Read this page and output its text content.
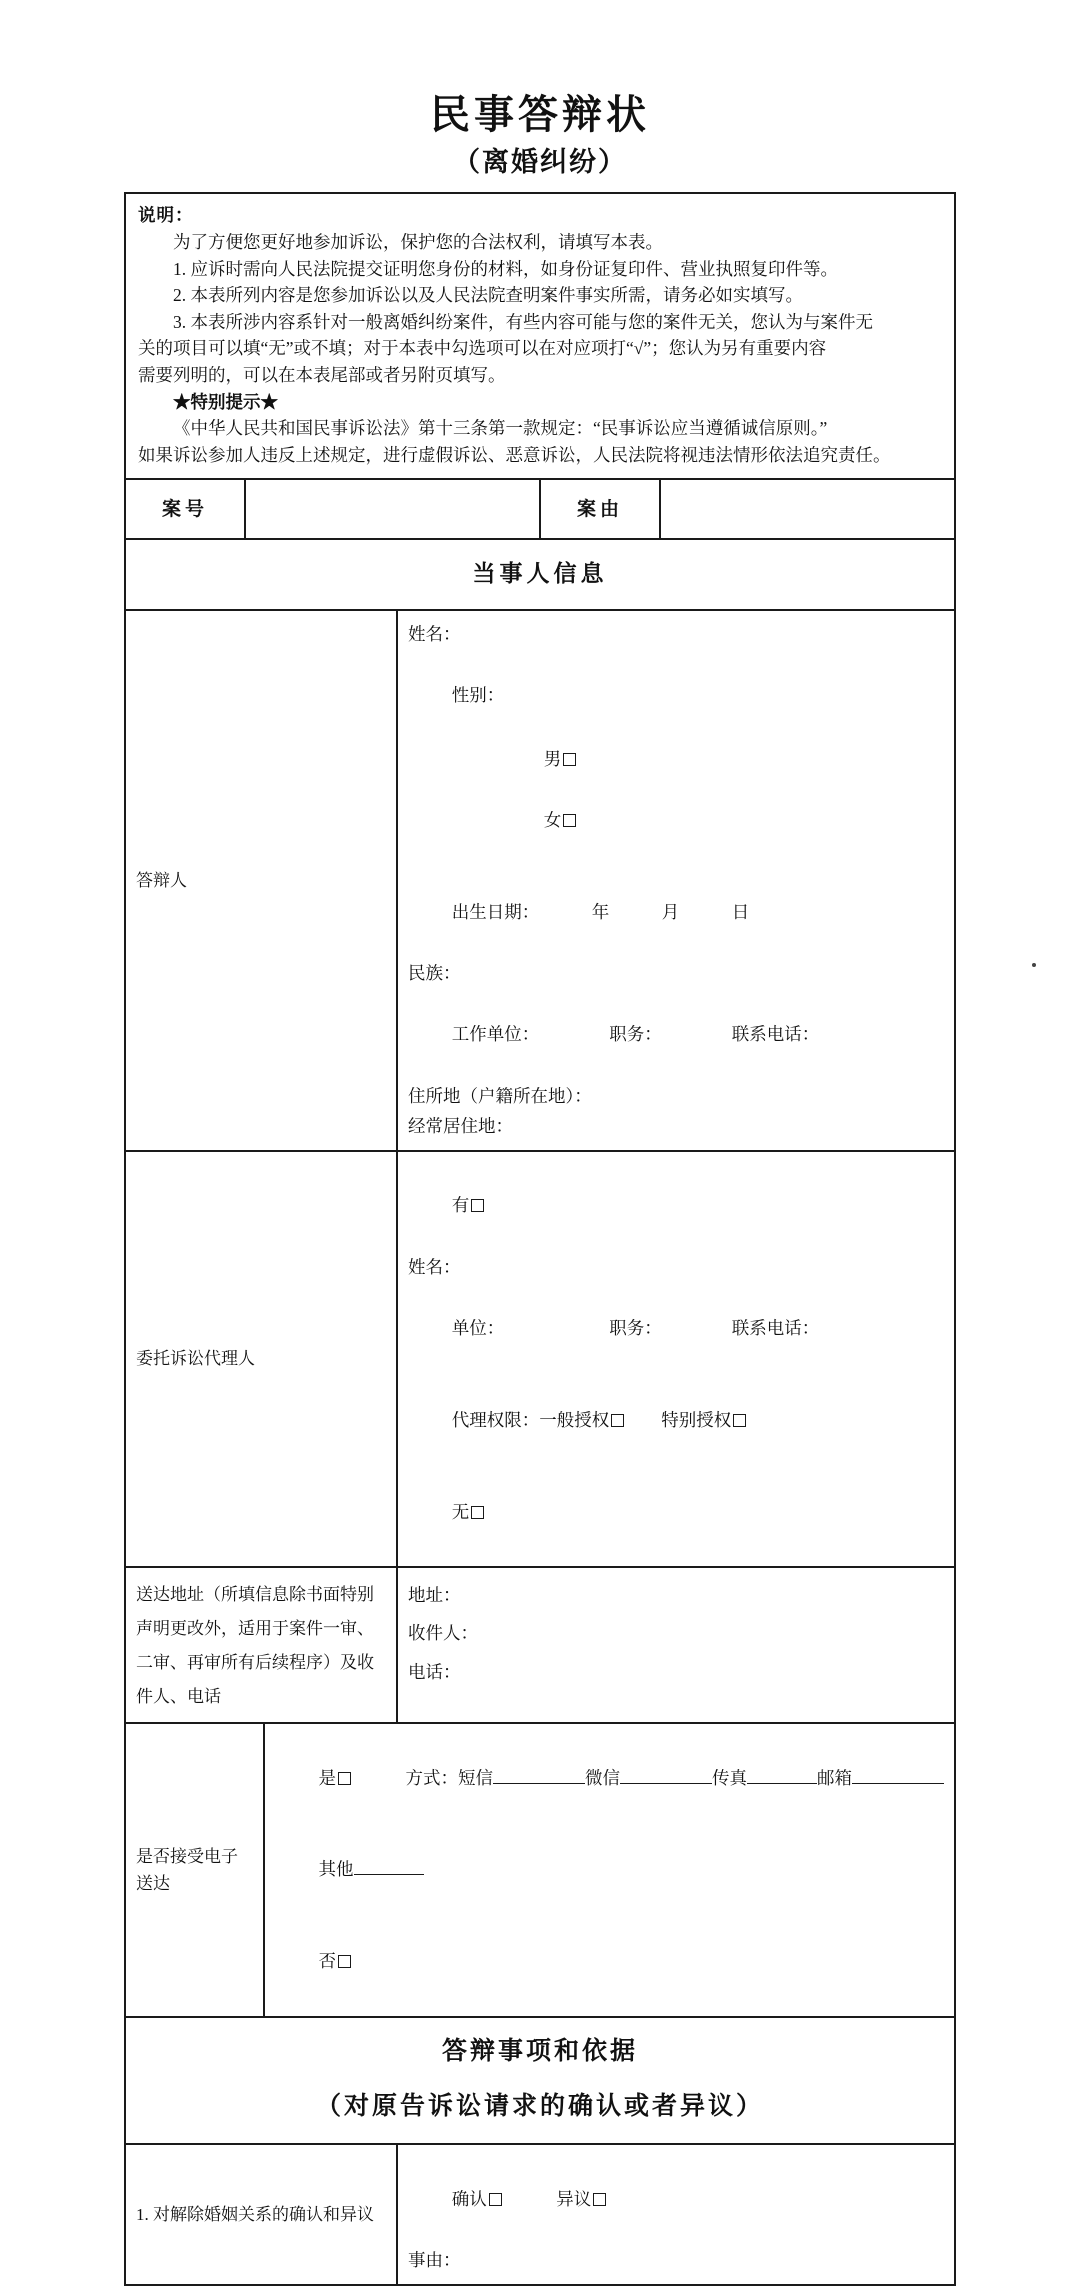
民事答辩状
（离婚纠纷）

说明：

为了方便您更好地参加诉讼，保护您的合法权利，请填写本表。

1. 应诉时需向人民法院提交证明您身份的材料，如身份证复印件、营业执照复印件等。

2. 本表所列内容是您参加诉讼以及人民法院查明案件事实所需，请务必如实填写。

3. 本表所涉内容系针对一般离婚纠纷案件，有些内容可能与您的案件无关，您认为与案件无

关的项目可以填“无”或不填；对于本表中勾选项可以在对应项打“√”；您认为另有重要内容

需要列明的，可以在本表尾部或者另附页填写。

★特别提示★

《中华人民共和国民事诉讼法》第十三条第一款规定：“民事诉讼应当遵循诚信原则。”

如果诉讼参加人违反上述规定，进行虚假诉讼、恶意诉讼，人民法院将视违法情形依法追究责任。

案号	案由
当事人信息
答辩人
姓名：

性别：

男

女

出生日期：	年	月	日

民族：

工作单位：	职务：	联系电话：

住所地（户籍所在地）：
经常居住地：
委托诉讼代理人

有

姓名：

单位：	职务：	联系电话：

代理权限：一般授权	特别授权

无

送达地址（所填信息除书面特别
声明更改外，适用于案件一审、
二审、再审所有后续程序）及收
件人、电话
地址：
收件人：
电话：
是否接受电子送达

是	方式：短信	微信	传真	邮箱

其他

否

答辩事项和依据
（对原告诉讼请求的确认或者异议）
1. 对解除婚姻关系的确认和异议

确认	异议

事由：
